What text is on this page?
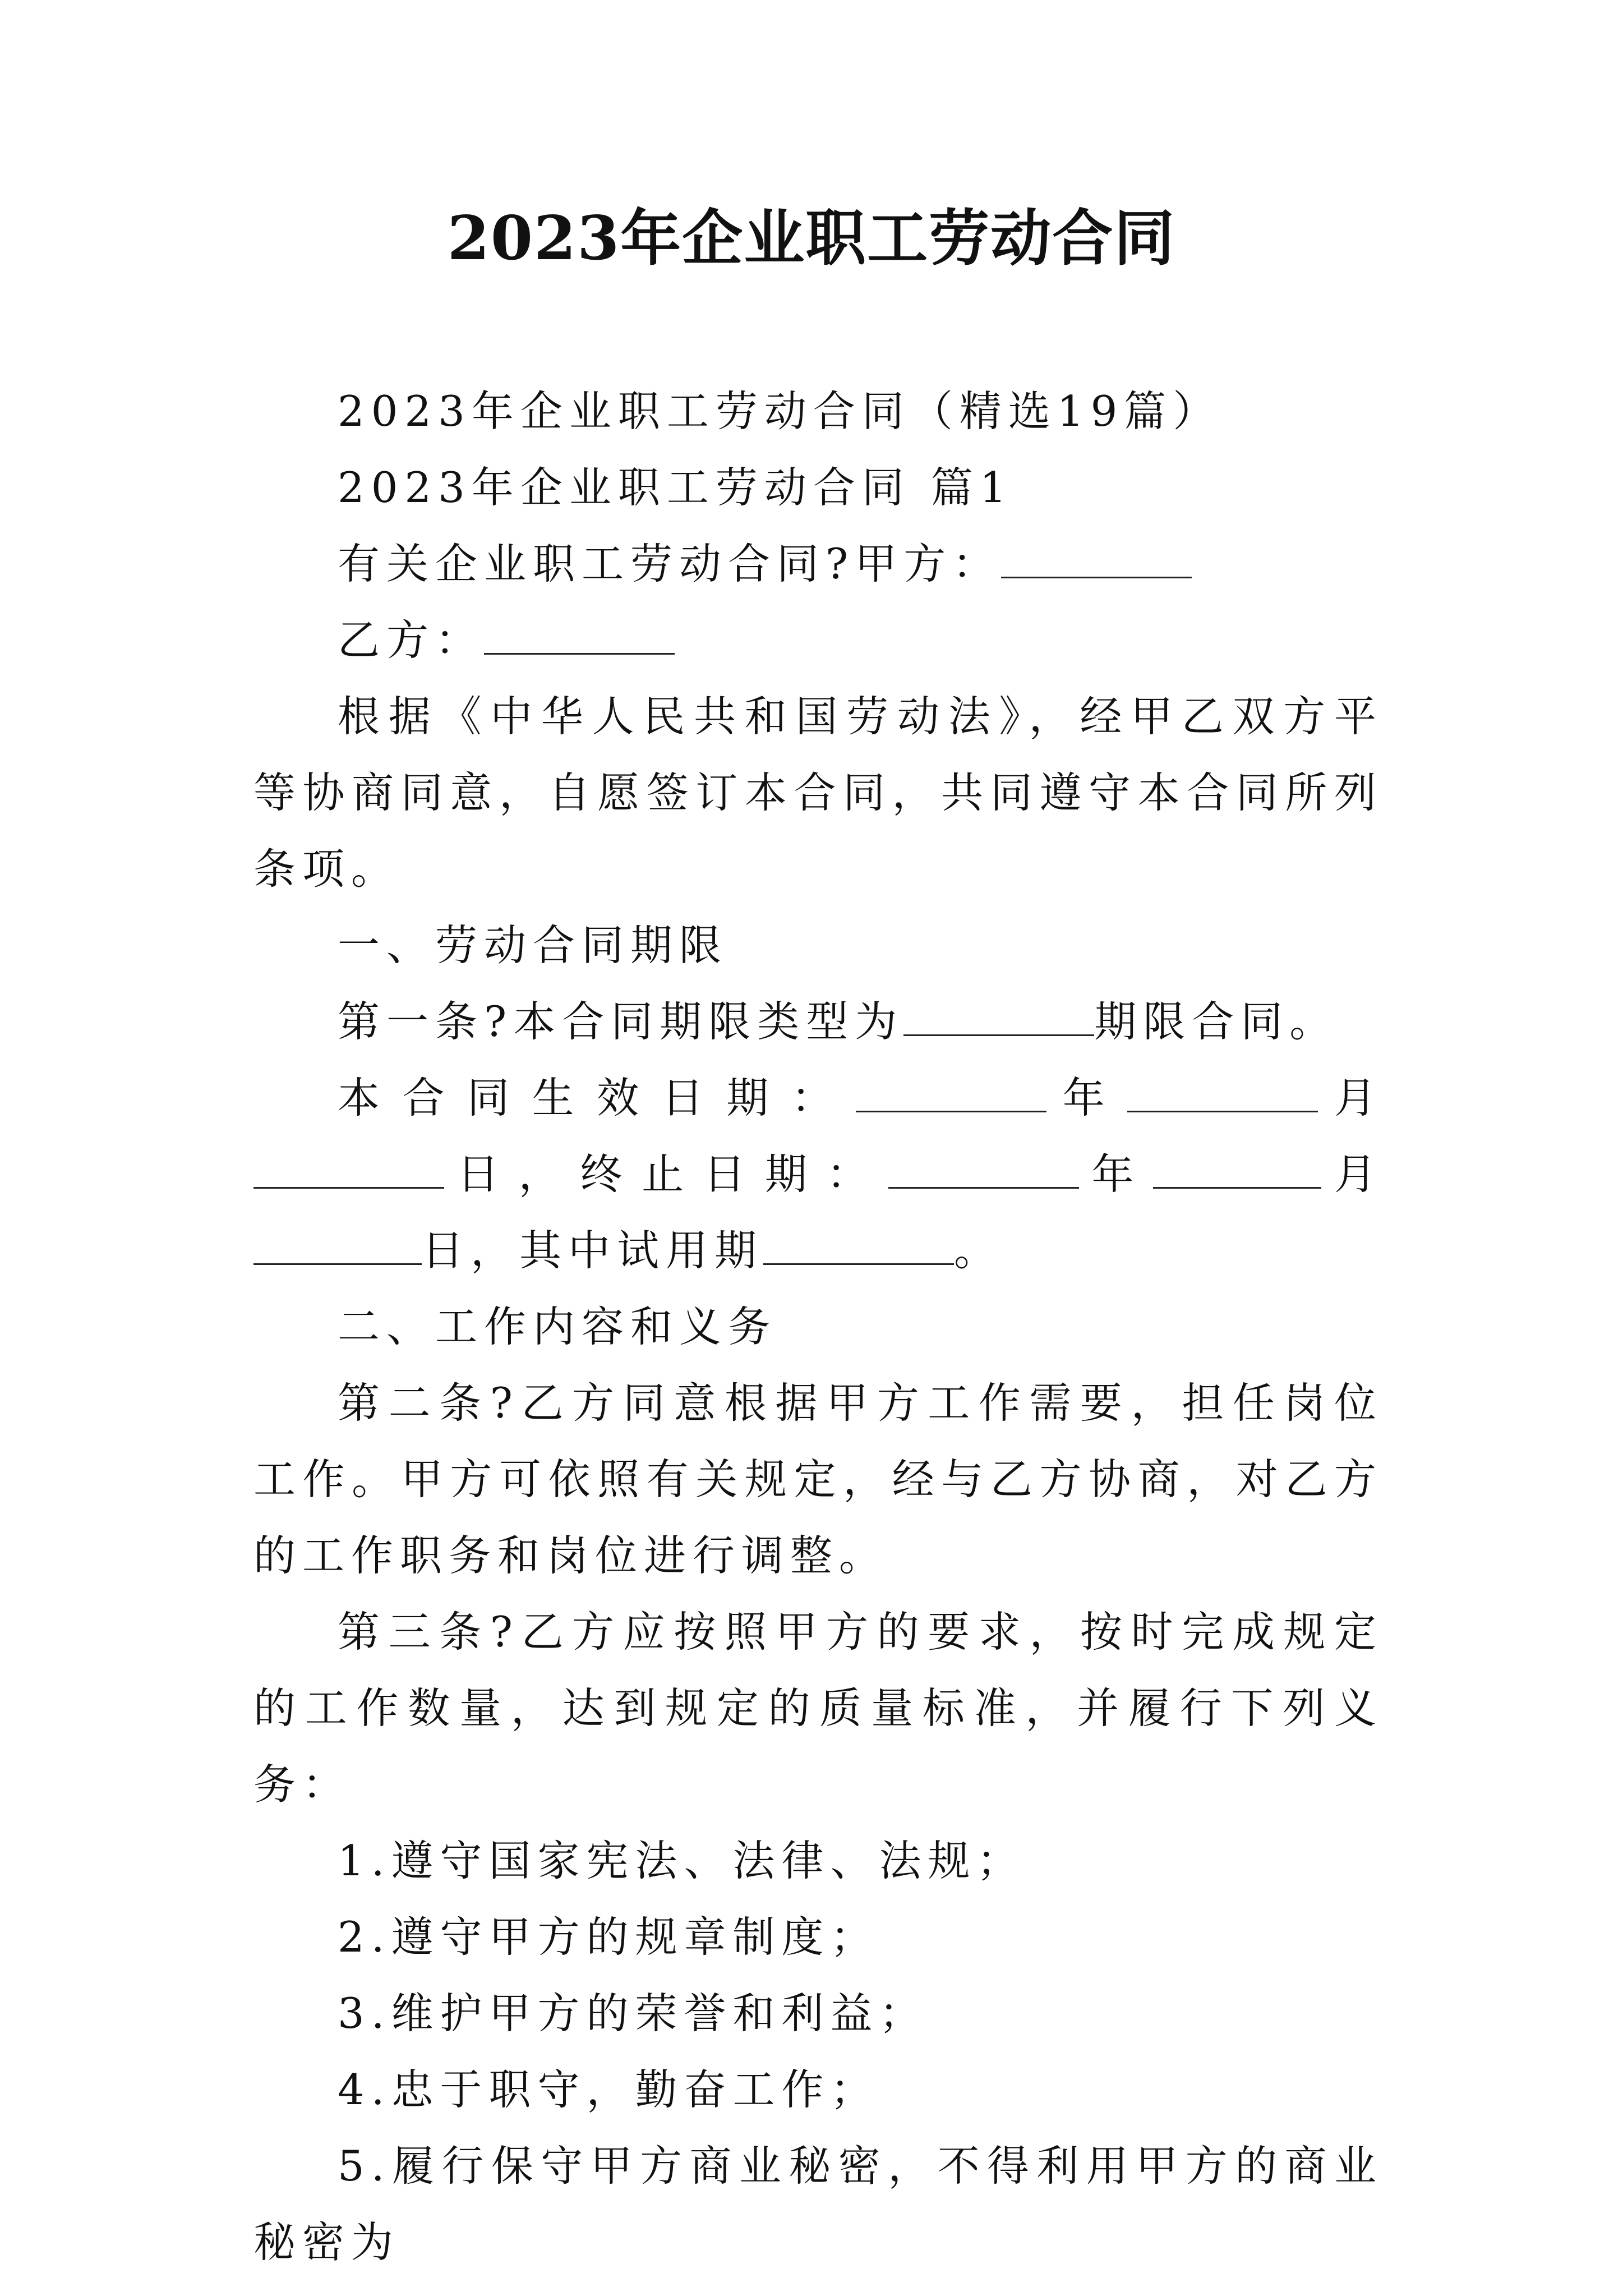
2023年企业职工劳动合同

2023年企业职工劳动合同（精选19篇）

2023年企业职工劳动合同 篇1

有关企业职工劳动合同?甲方：

乙方：

根据《中华人民共和国劳动法》，经甲乙双方平等协商同意，自愿签订本合同，共同遵守本合同所列条项。

一、劳动合同期限

第一条?本合同期限类型为	期限合同。

本合同生效日期：	年	月日，终止日期：	年	月日，其中试用期	。

二、工作内容和义务

第二条?乙方同意根据甲方工作需要，担任岗位工作。甲方可依照有关规定，经与乙方协商，对乙方的工作职务和岗位进行调整。

第三条?乙方应按照甲方的要求，按时完成规定的工作数量，达到规定的质量标准，并履行下列义务：

1.遵守国家宪法、法律、法规；

2.遵守甲方的规章制度；

3.维护甲方的荣誉和利益；

4.忠于职守，勤奋工作；

5.履行保守甲方商业秘密，不得利用甲方的商业秘密为
